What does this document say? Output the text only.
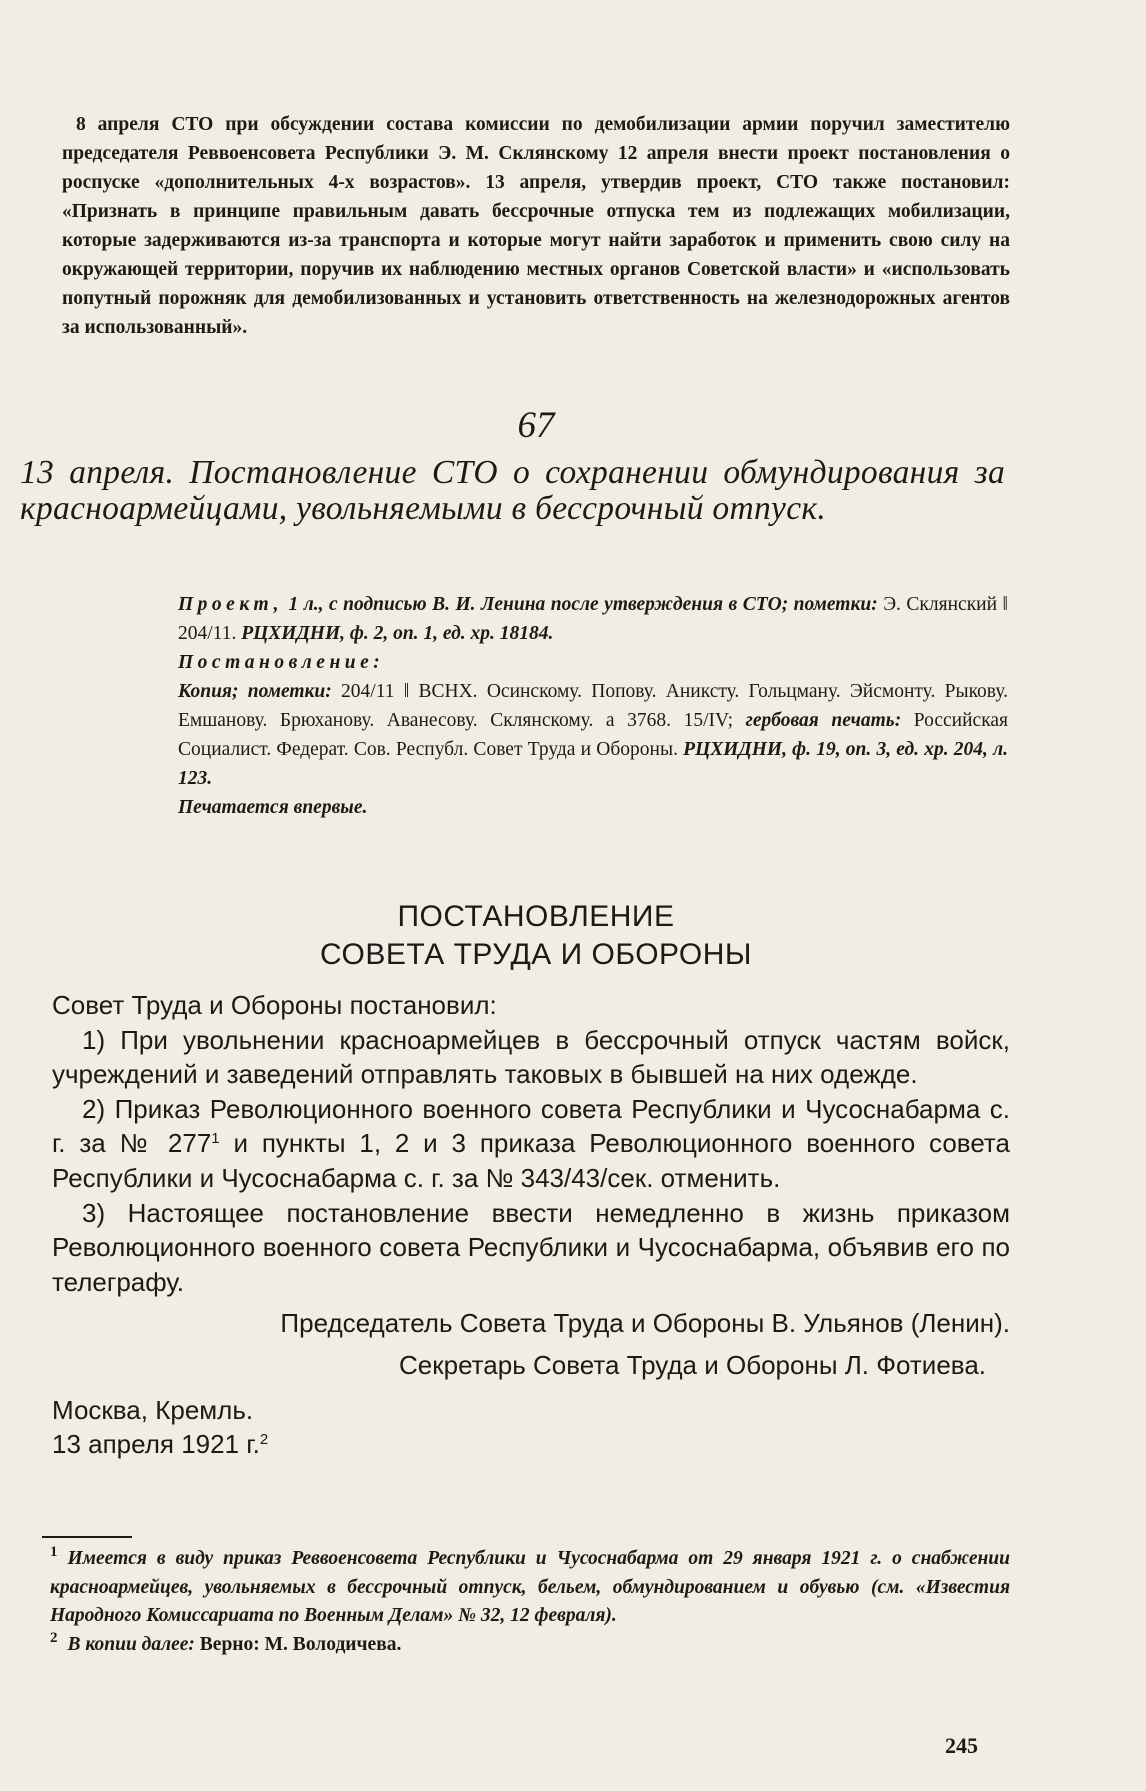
8 апреля СТО при обсуждении состава комиссии по демобилизации армии поручил заместителю председателя Реввоенсовета Республики Э. М. Склянскому 12 апреля внести проект постановления о роспуске «дополнительных 4-х возрастов». 13 апреля, утвердив проект, СТО также постановил: «Признать в принципе правильным давать бессрочные отпуска тем из подлежащих мобилизации, которые задерживаются из-за транспорта и которые могут найти заработок и применить свою силу на окружающей территории, поручив их наблюдению местных органов Советской власти» и «использовать попутный порожняк для демобилизованных и установить ответственность на железнодорожных агентов за использованный».

67
13 апреля. Постановление СТО о сохранении обмундирования за красноармейцами, увольняемыми в бессрочный отпуск.

Проект, 1 л., с подписью В. И. Ленина после утверждения в СТО; пометки: Э. Склянский ‖ 204/11. РЦХИДНИ, ф. 2, оп. 1, ед. хр. 18184.

Постановление:

Копия; пометки: 204/11 ‖ ВСНХ. Осинскому. Попову. Аниксту. Гольцману. Эйсмонту. Рыкову. Емшанову. Брюханову. Аванесову. Склянскому. а 3768. 15/IV; гербовая печать: Российская Социалист. Федерат. Сов. Республ. Совет Труда и Обороны. РЦХИДНИ, ф. 19, оп. 3, ед. хр. 204, л. 123.

Печатается впервые.

ПОСТАНОВЛЕНИЕ
СОВЕТА ТРУДА И ОБОРОНЫ

Совет Труда и Обороны постановил:

1) При увольнении красноармейцев в бессрочный отпуск частям войск, учреждений и заведений отправлять таковых в бывшей на них одежде.

2) Приказ Революционного военного совета Республики и Чусоснабарма с. г. за № 277$^1$ и пункты 1, 2 и 3 приказа Революционного военного совета Республики и Чусоснабарма с. г. за № 343/43/сек. отменить.

3) Настоящее постановление ввести немедленно в жизнь приказом Революционного военного совета Республики и Чусоснабарма, объявив его по телеграфу.

Председатель Совета Труда и Обороны В. Ульянов (Ленин).

Секретарь Совета Труда и Обороны Л. Фотиева.

Москва, Кремль.

13 апреля 1921 г.$^2$

$^1$ Имеется в виду приказ Реввоенсовета Республики и Чусоснабарма от 29 января 1921 г. о снабжении красноармейцев, увольняемых в бессрочный отпуск, бельем, обмундированием и обувью (см. «Известия Народного Комиссариата по Военным Делам» № 32, 12 февраля).

$^2$ В копии далее: Верно: М. Володичева.

245
